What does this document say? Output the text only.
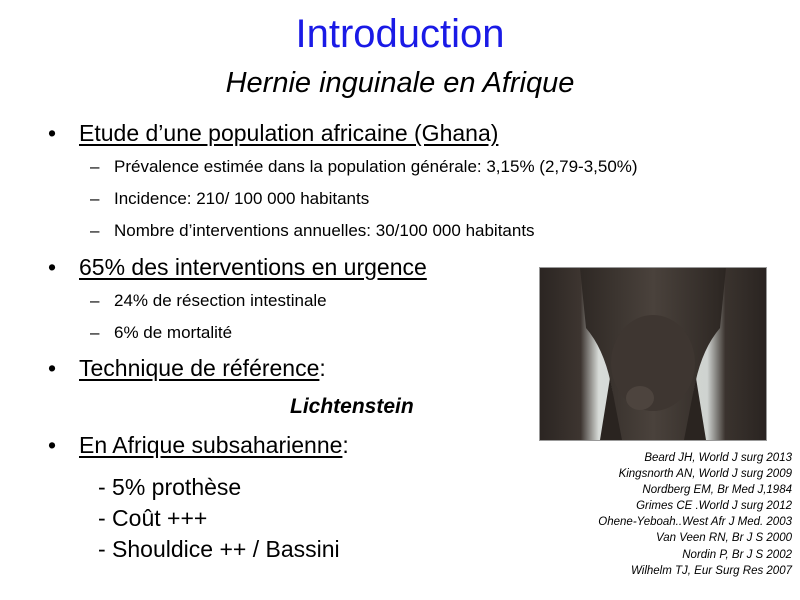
Introduction
Hernie inguinale en Afrique
• Etude d’une population africaine (Ghana)
– Prévalence estimée dans la population générale: 3,15% (2,79-3,50%)
– Incidence: 210/ 100 000 habitants
– Nombre d’interventions annuelles: 30/100 000 habitants
• 65% des interventions en urgence
– 24% de résection intestinale
– 6% de mortalité
• Technique de référence:
Lichtenstein
• En Afrique subsaharienne:
- 5% prothèse
- Coût +++
- Shouldice ++ / Bassini
Beard JH, World J surg 2013
Kingsnorth AN, World J surg 2009
Nordberg EM, Br Med J,1984
Grimes CE .World J surg 2012
Ohene-Yeboah..West Afr J Med. 2003
Van Veen RN, Br J S 2000
Nordin P, Br J S 2002
Wilhelm TJ, Eur Surg Res 2007
